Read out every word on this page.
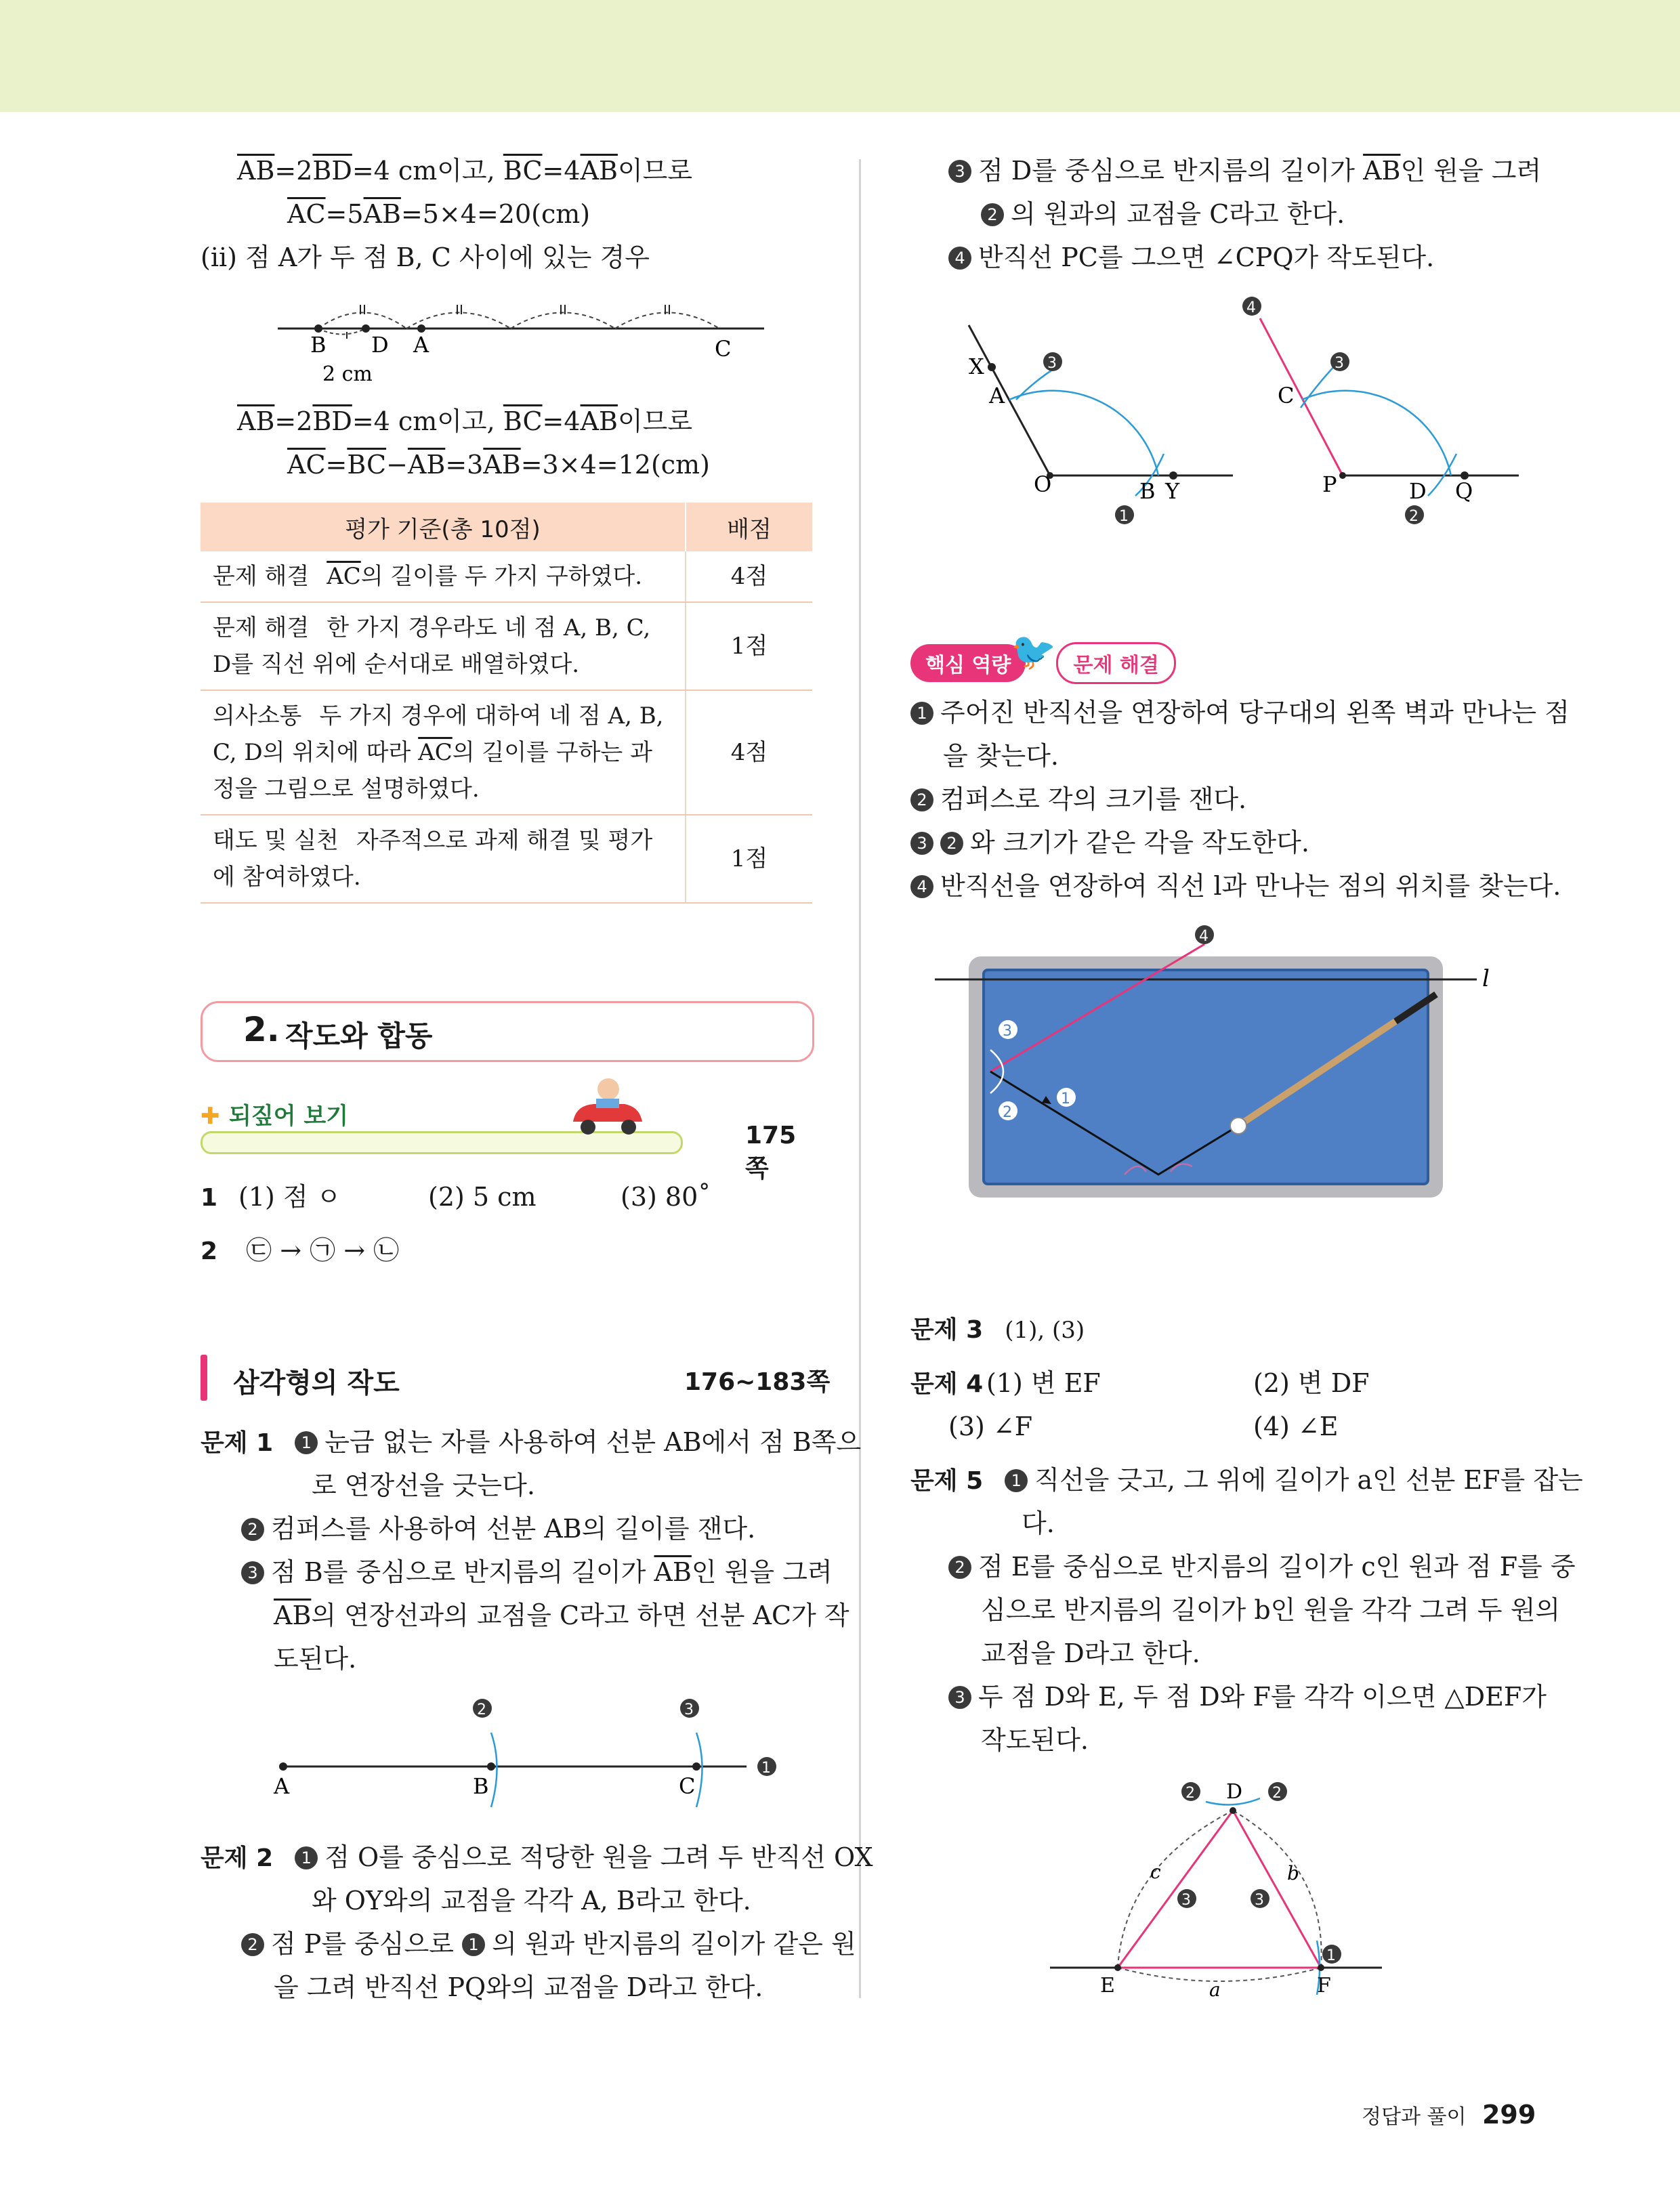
$\overline{AB}=2\overline{BD}=4$ cm이고, $\overline{BC}=4\overline{AB}$이므로
$\overline{AC}=5\overline{AB}=5\times 4=20(cm)$
(ⅱ) 점 A가 두 점 B, C 사이에 있는 경우
B D A	C
2 cm
$\overline{AB}=2\overline{BD}=4$ cm이고, $\overline{BC}=4\overline{AB}$이므로
$\overline{AC}=\overline{BC}-\overline{AB}=3\overline{AB}=3\times 4=12(cm)$
평가 기준(총 10점)	배점
문제 해결 $\overline{AC}$의 길이를 두 가지 구하였다.	4점
문제 해결 한 가지 경우라도 네 점 A, B, C, D를 직선 위에 순서대로 배열하였다.	1점
의사소통 두 가지 경우에 대하여 네 점 A, B, C, D의 위치에 따라 $\overline{AC}$의 길이를 구하는 과정을 그림으로 설명하였다.	4점
태도 및 실천 자주적으로 과제 해결 및 평가에 참여하였다.	1점
2. 작도와 합동
✚ 되짚어 보기
175쪽
1 (1) 점 ㅇ	(2) 5 cm	(3) 80˚
2 ㉢ → ㉠ → ㉡
삼각형의 작도	176~183쪽
문제 1 1 눈금 없는 자를 사용하여 선분 AB에서 점 B쪽으
로 연장선을 긋는다.
2 컴퍼스를 사용하여 선분 AB의 길이를 잰다.
3 점 B를 중심으로 반지름의 길이가 $\overline{AB}$인 원을 그려
$\overline{AB}$의 연장선과의 교점을 C라고 하면 선분 AC가 작
도된다.
2	3
1
A	B	C
문제 2 1 점 O를 중심으로 적당한 원을 그려 두 반직선 OX
와 OY와의 교점을 각각 A, B라고 한다.
2 점 P를 중심으로 1 의 원과 반지름의 길이가 같은 원
을 그려 반직선 PQ와의 교점을 D라고 한다.
3 점 D를 중심으로 반지름의 길이가 $\overline{AB}$인 원을 그려
2 의 원과의 교점을 C라고 한다.
4 반직선 PC를 그으면 ∠CPQ가 작도된다.
X
A
O	B Y
3
1
C
P	D Q
4
3
2
핵심 역량 🐦 문제 해결
1 주어진 반직선을 연장하여 당구대의 왼쪽 벽과 만나는 점
을 찾는다.
2 컴퍼스로 각의 크기를 잰다.
3 2 와 크기가 같은 각을 작도한다.
4 반직선을 연장하여 직선 l과 만나는 점의 위치를 찾는다.
l
4
3
2
1
문제 3 (1), (3)
문제 4 (1) 변 EF	(2) 변 DF
(3) ∠F	(4) ∠E
문제 5 1 직선을 긋고, 그 위에 길이가 a인 선분 EF를 잡는
다.
2 점 E를 중심으로 반지름의 길이가 c인 원과 점 F를 중
심으로 반지름의 길이가 b인 원을 각각 그려 두 원의
교점을 D라고 한다.
3 두 점 D와 E, 두 점 D와 F를 각각 이으면 △DEF가
작도된다.
D
E	F
a
b
c
2	2
3	3
1
정답과 풀이 299
